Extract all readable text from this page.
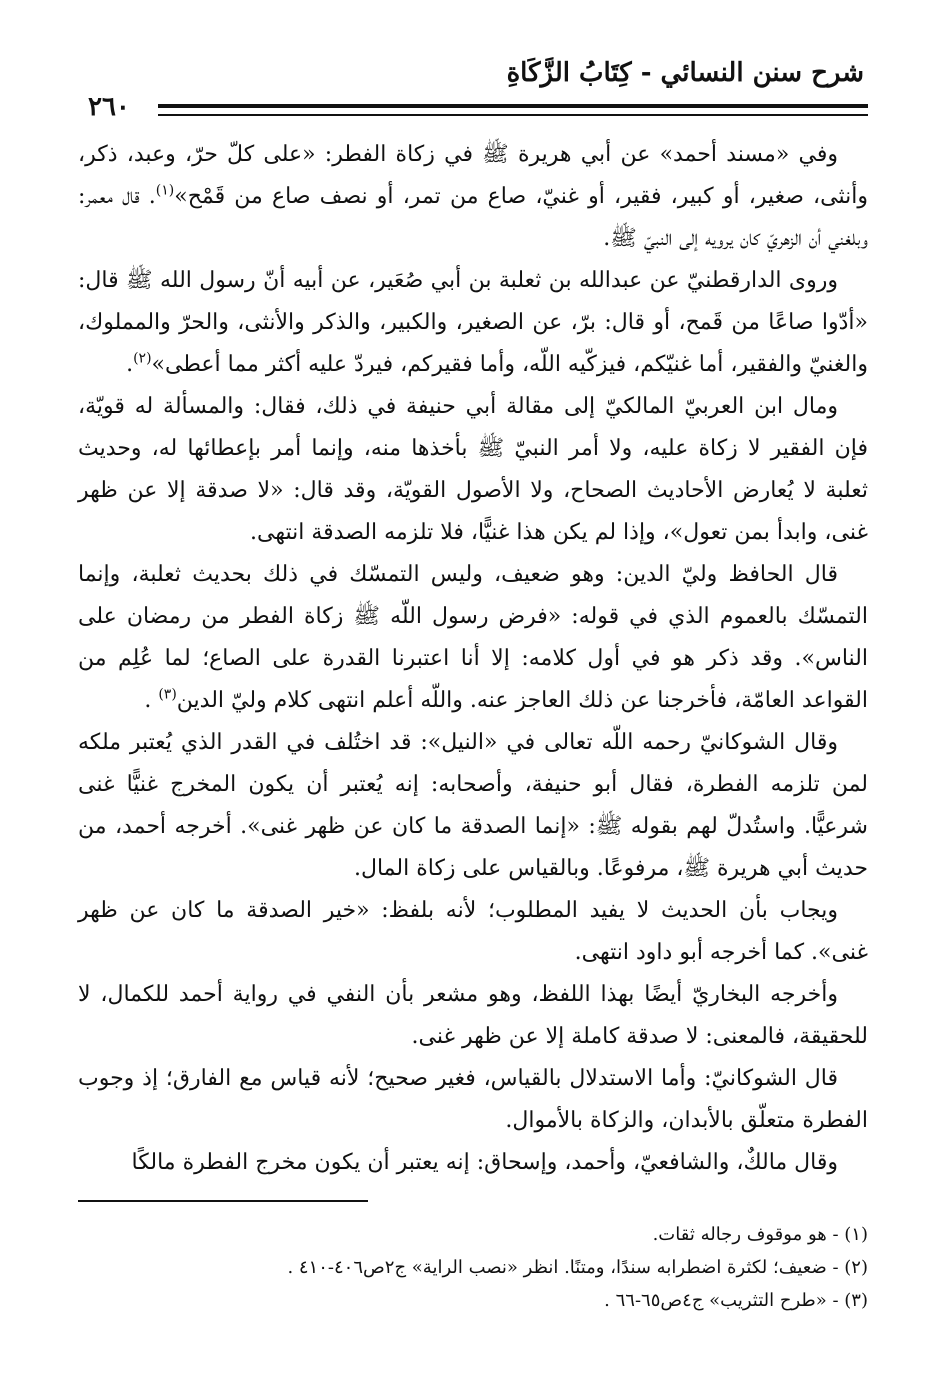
شرح سنن النسائي - كِتَابُ الزَّكَاةِ
٢٦٠

وفي «مسند أحمد» عن أبي هريرة ﷺ في زكاة الفطر: «على كلّ حرّ، وعبد، ذكر، وأنثى، صغير، أو كبير، فقير، أو غنيّ، صاع من تمر، أو نصف صاع من قَمْح»$^{(١)}$. قال معمر: وبلغني أن الزهريّ كان يرويه إلى النبيّ ﷺ.

وروى الدارقطنيّ عن عبدالله بن ثعلبة بن أبي صُعَير، عن أبيه أنّ رسول الله ﷺ قال: «أدّوا صاعًا من قَمح، أو قال: برّ، عن الصغير، والكبير، والذكر والأنثى، والحرّ والمملوك، والغنيّ والفقير، أما غنيّكم، فيزكّيه اللّه، وأما فقيركم، فيردّ عليه أكثر مما أعطى»$^{(٢)}$.

ومال ابن العربيّ المالكيّ إلى مقالة أبي حنيفة في ذلك، فقال: والمسألة له قويّة، فإن الفقير لا زكاة عليه، ولا أمر النبيّ ﷺ بأخذها منه، وإنما أمر بإعطائها له، وحديث ثعلبة لا يُعارض الأحاديث الصحاح، ولا الأصول القويّة، وقد قال: «لا صدقة إلا عن ظهر غنى، وابدأ بمن تعول»، وإذا لم يكن هذا غنيًّا، فلا تلزمه الصدقة انتهى.

قال الحافظ وليّ الدين: وهو ضعيف، وليس التمسّك في ذلك بحديث ثعلبة، وإنما التمسّك بالعموم الذي في قوله: «فرض رسول اللّه ﷺ زكاة الفطر من رمضان على الناس». وقد ذكر هو في أول كلامه: إلا أنا اعتبرنا القدرة على الصاع؛ لما عُلِم من القواعد العامّة، فأخرجنا عن ذلك العاجز عنه. واللّه أعلم انتهى كلام وليّ الدين$^{(٣)}$ .

وقال الشوكانيّ رحمه اللّه تعالى في «النيل»: قد اختُلف في القدر الذي يُعتبر ملكه لمن تلزمه الفطرة، فقال أبو حنيفة، وأصحابه: إنه يُعتبر أن يكون المخرج غنيًّا غنى شرعيًّا. واستُدلّ لهم بقوله ﷺ: «إنما الصدقة ما كان عن ظهر غنى». أخرجه أحمد، من حديث أبي هريرة ﷺ، مرفوعًا. وبالقياس على زكاة المال.

ويجاب بأن الحديث لا يفيد المطلوب؛ لأنه بلفظ: «خير الصدقة ما كان عن ظهر غنى». كما أخرجه أبو داود انتهى.

وأخرجه البخاريّ أيضًا بهذا اللفظ، وهو مشعر بأن النفي في رواية أحمد للكمال، لا للحقيقة، فالمعنى: لا صدقة كاملة إلا عن ظهر غنى.

قال الشوكانيّ: وأما الاستدلال بالقياس، فغير صحيح؛ لأنه قياس مع الفارق؛ إذ وجوب الفطرة متعلّق بالأبدان، والزكاة بالأموال.

وقال مالكٌ، والشافعيّ، وأحمد، وإسحاق: إنه يعتبر أن يكون مخرج الفطرة مالكًا

(١) - هو موقوف رجاله ثقات.
(٢) - ضعيف؛ لكثرة اضطرابه سندًا، ومتنًا. انظر «نصب الراية» ج٢ص٤٠٦-٤١٠ .
(٣) - «طرح التثريب» ج٤ص٦٥-٦٦ .
